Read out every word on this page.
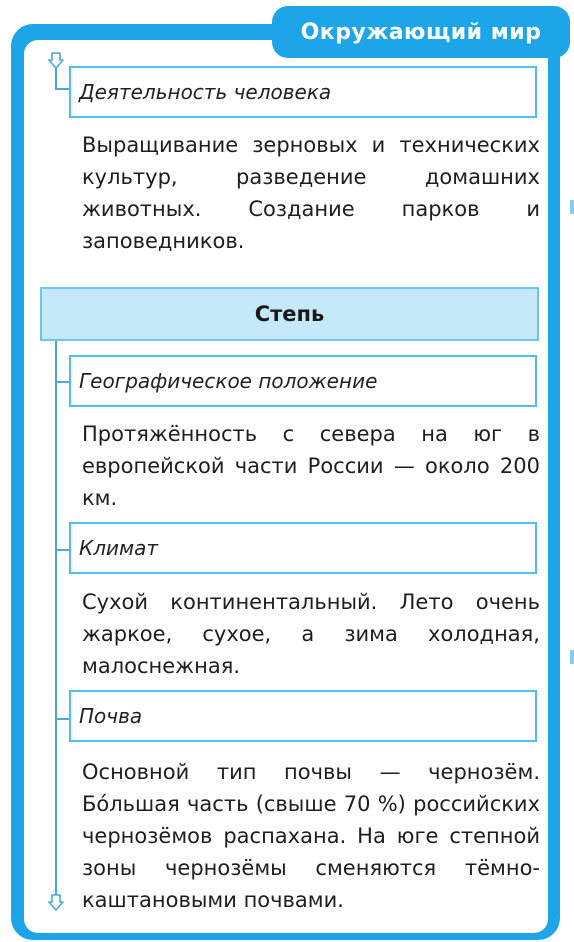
Окружающий мир
Деятельность человека

Выращивание зерновых и технических культур, разведение домашних животных. Создание парков и заповедников.

Степь
Географическое положение

Протяжённость с севера на юг в европейской части России — около 200 км.

Климат

Сухой континентальный. Лето очень жаркое, сухое, а зима холодная, малоснежная.

Почва

Основной тип почвы — чернозём. Бóльшая часть (свыше 70 %) российских чернозёмов распахана. На юге степной зоны чернозёмы сменяются тёмно-каштановыми почвами.
